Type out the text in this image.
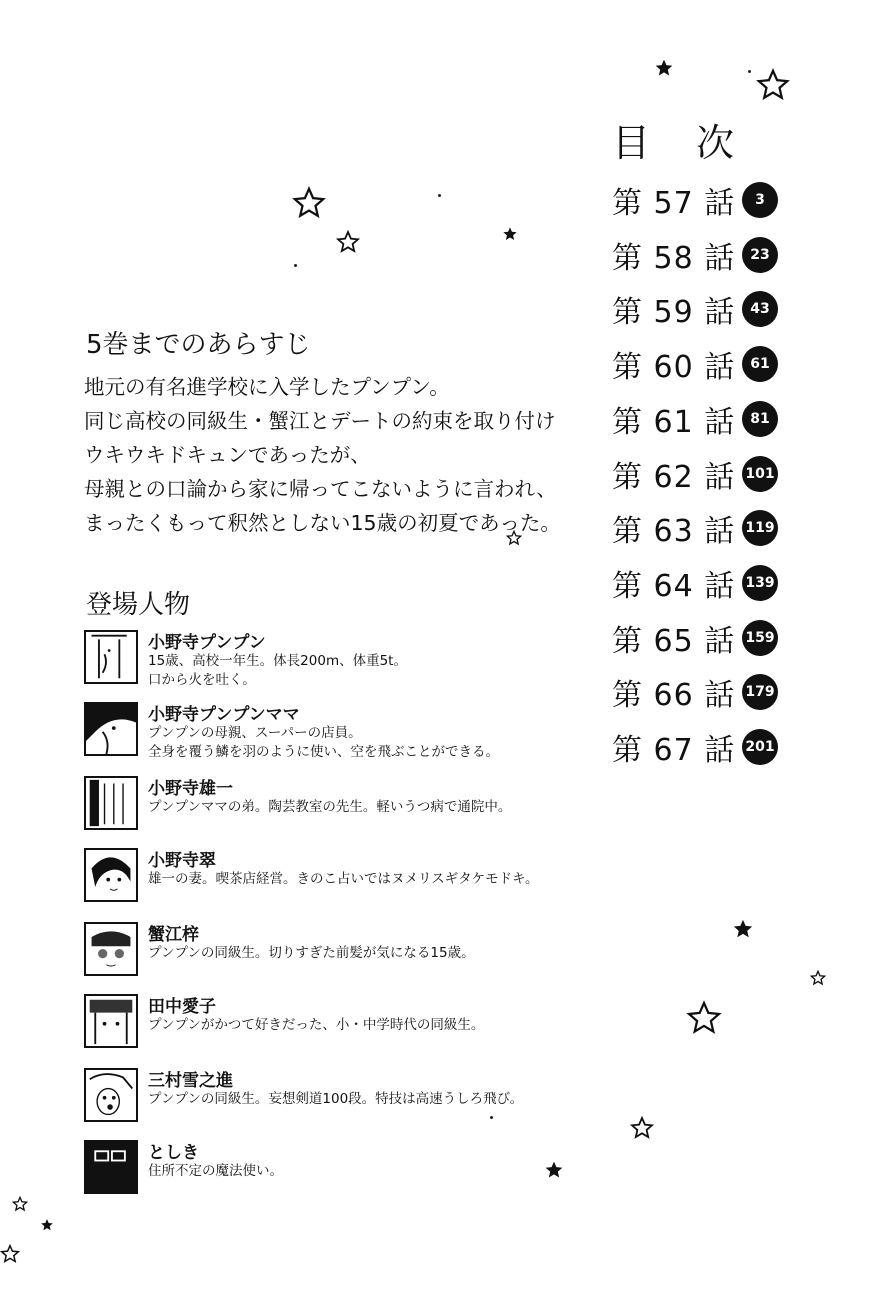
目次
第 57 話	3
第 58 話	23
第 59 話	43
第 60 話	61
第 61 話	81
第 62 話 101
第 63 話 119
第 64 話 139
第 65 話 159
第 66 話 179
第 67 話 201
5巻までのあらすじ
地元の有名進学校に入学したプンプン。
同じ高校の同級生・蟹江とデートの約束を取り付け
ウキウキドキュンであったが、
母親との口論から家に帰ってこないように言われ、
まったくもって釈然としない15歳の初夏であった。
登場人物
小野寺プンプン
15歳、高校一年生。体長200m、体重5t。
口から火を吐く。
小野寺プンプンママ
プンプンの母親、スーパーの店員。
全身を覆う鱗を羽のように使い、空を飛ぶことができる。
小野寺雄一
プンプンママの弟。陶芸教室の先生。軽いうつ病で通院中。
小野寺翠
雄一の妻。喫茶店経営。きのこ占いではヌメリスギタケモドキ。
蟹江梓
プンプンの同級生。切りすぎた前髪が気になる15歳。
田中愛子
プンプンがかつて好きだった、小・中学時代の同級生。
三村雪之進
プンプンの同級生。妄想剣道100段。特技は高速うしろ飛び。
としき
住所不定の魔法使い。
